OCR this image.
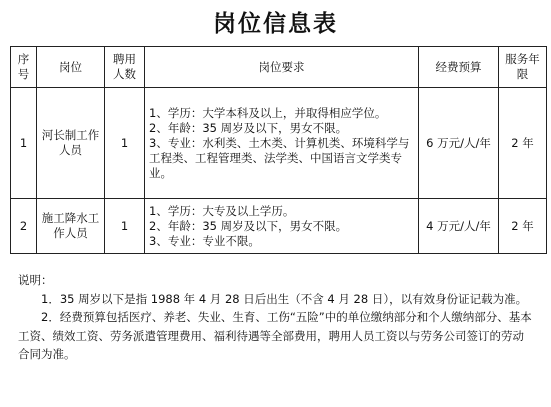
岗位信息表
序号	岗位	聘用人数	岗位要求	经费预算	服务年限
1	河长制工作人员	1	1、学历：大学本科及以上，并取得相应学位。
2、年龄：35 周岁及以下，男女不限。
3、专业：水利类、土木类、计算机类、环境科学与工程类、工程管理类、法学类、中国语言文学类专业。	6 万元/人/年	2 年
2	施工降水工作人员	1	1、学历：大专及以上学历。
2、年龄：35 周岁及以下，男女不限。
3、专业：专业不限。	4 万元/人/年	2 年

说明：

1．35 周岁以下是指 1988 年 4 月 28 日后出生（不含 4 月 28 日），以有效身份证记载为准。

2．经费预算包括医疗、养老、失业、生育、工伤“五险”中的单位缴纳部分和个人缴纳部分、基本工资、绩效工资、劳务派遣管理费用、福利待遇等全部费用，聘用人员工资以与劳务公司签订的劳动合同为准。
